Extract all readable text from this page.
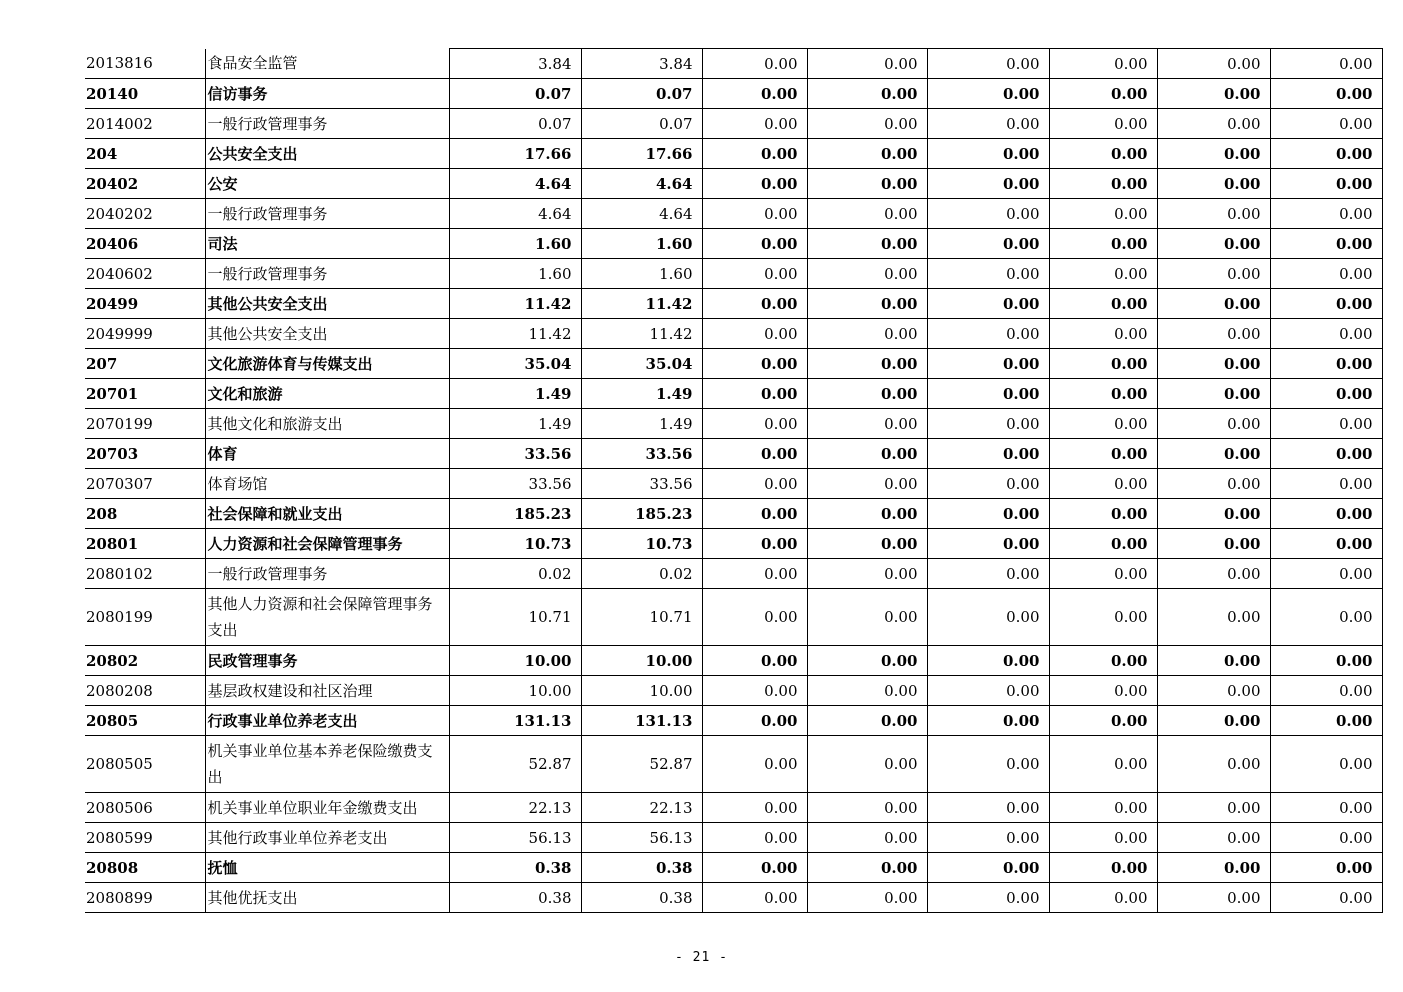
2013816	食品安全监管	3.84	3.84	0.00	0.00	0.00	0.00	0.00	0.00
20140	信访事务	0.07	0.07	0.00	0.00	0.00	0.00	0.00	0.00
2014002	一般行政管理事务	0.07	0.07	0.00	0.00	0.00	0.00	0.00	0.00
204	公共安全支出	17.66	17.66	0.00	0.00	0.00	0.00	0.00	0.00
20402	公安	4.64	4.64	0.00	0.00	0.00	0.00	0.00	0.00
2040202	一般行政管理事务	4.64	4.64	0.00	0.00	0.00	0.00	0.00	0.00
20406	司法	1.60	1.60	0.00	0.00	0.00	0.00	0.00	0.00
2040602	一般行政管理事务	1.60	1.60	0.00	0.00	0.00	0.00	0.00	0.00
20499	其他公共安全支出	11.42	11.42	0.00	0.00	0.00	0.00	0.00	0.00
2049999	其他公共安全支出	11.42	11.42	0.00	0.00	0.00	0.00	0.00	0.00
207	文化旅游体育与传媒支出	35.04	35.04	0.00	0.00	0.00	0.00	0.00	0.00
20701	文化和旅游	1.49	1.49	0.00	0.00	0.00	0.00	0.00	0.00
2070199	其他文化和旅游支出	1.49	1.49	0.00	0.00	0.00	0.00	0.00	0.00
20703	体育	33.56	33.56	0.00	0.00	0.00	0.00	0.00	0.00
2070307	体育场馆	33.56	33.56	0.00	0.00	0.00	0.00	0.00	0.00
208	社会保障和就业支出	185.23	185.23	0.00	0.00	0.00	0.00	0.00	0.00
20801	人力资源和社会保障管理事务	10.73	10.73	0.00	0.00	0.00	0.00	0.00	0.00
2080102	一般行政管理事务	0.02	0.02	0.00	0.00	0.00	0.00	0.00	0.00
2080199	其他人力资源和社会保障管理事务支出	10.71	10.71	0.00	0.00	0.00	0.00	0.00	0.00
20802	民政管理事务	10.00	10.00	0.00	0.00	0.00	0.00	0.00	0.00
2080208	基层政权建设和社区治理	10.00	10.00	0.00	0.00	0.00	0.00	0.00	0.00
20805	行政事业单位养老支出	131.13	131.13	0.00	0.00	0.00	0.00	0.00	0.00
2080505	机关事业单位基本养老保险缴费支出	52.87	52.87	0.00	0.00	0.00	0.00	0.00	0.00
2080506	机关事业单位职业年金缴费支出	22.13	22.13	0.00	0.00	0.00	0.00	0.00	0.00
2080599	其他行政事业单位养老支出	56.13	56.13	0.00	0.00	0.00	0.00	0.00	0.00
20808	抚恤	0.38	0.38	0.00	0.00	0.00	0.00	0.00	0.00
2080899	其他优抚支出	0.38	0.38	0.00	0.00	0.00	0.00	0.00	0.00
- 21 -
